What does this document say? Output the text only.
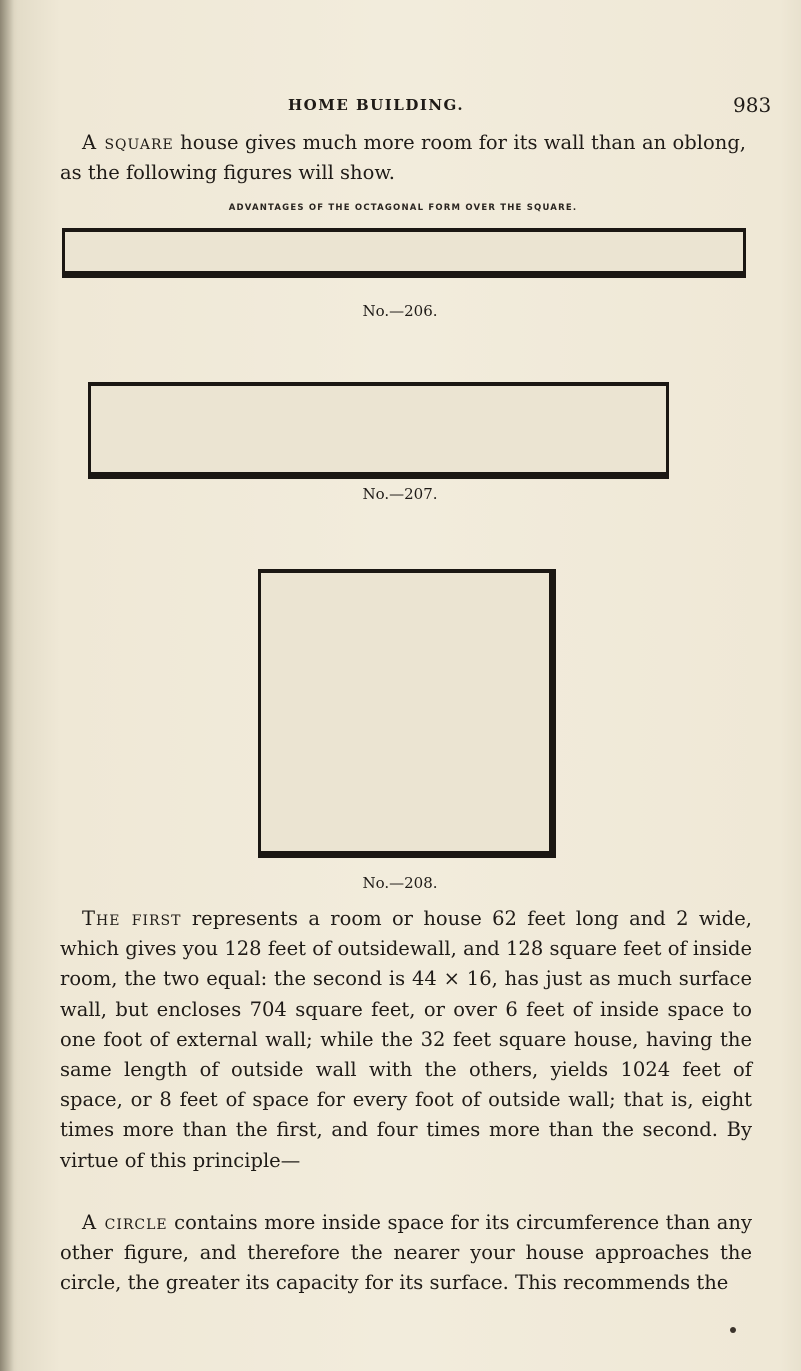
HOME BUILDING.	983

A square house gives much more room for its wall than an oblong, as the following figures will show.

ADVANTAGES OF THE OCTAGONAL FORM OVER THE SQUARE.
No.—206.
No.—207.
No.—208.

The first represents a room or house 62 feet long and 2 wide, which gives you 128 feet of outsidewall, and 128 square feet of inside room, the two equal: the second is 44 × 16, has just as much surface wall, but encloses 704 square feet, or over 6 feet of inside space to one foot of external wall; while the 32 feet square house, having the same length of outside wall with the others, yields 1024 feet of space, or 8 feet of space for every foot of outside wall; that is, eight times more than the first, and four times more than the second. By virtue of this principle—

A circle contains more inside space for its circumference than any other figure, and therefore the nearer your house approaches the circle, the greater its capacity for its surface. This recommends the
